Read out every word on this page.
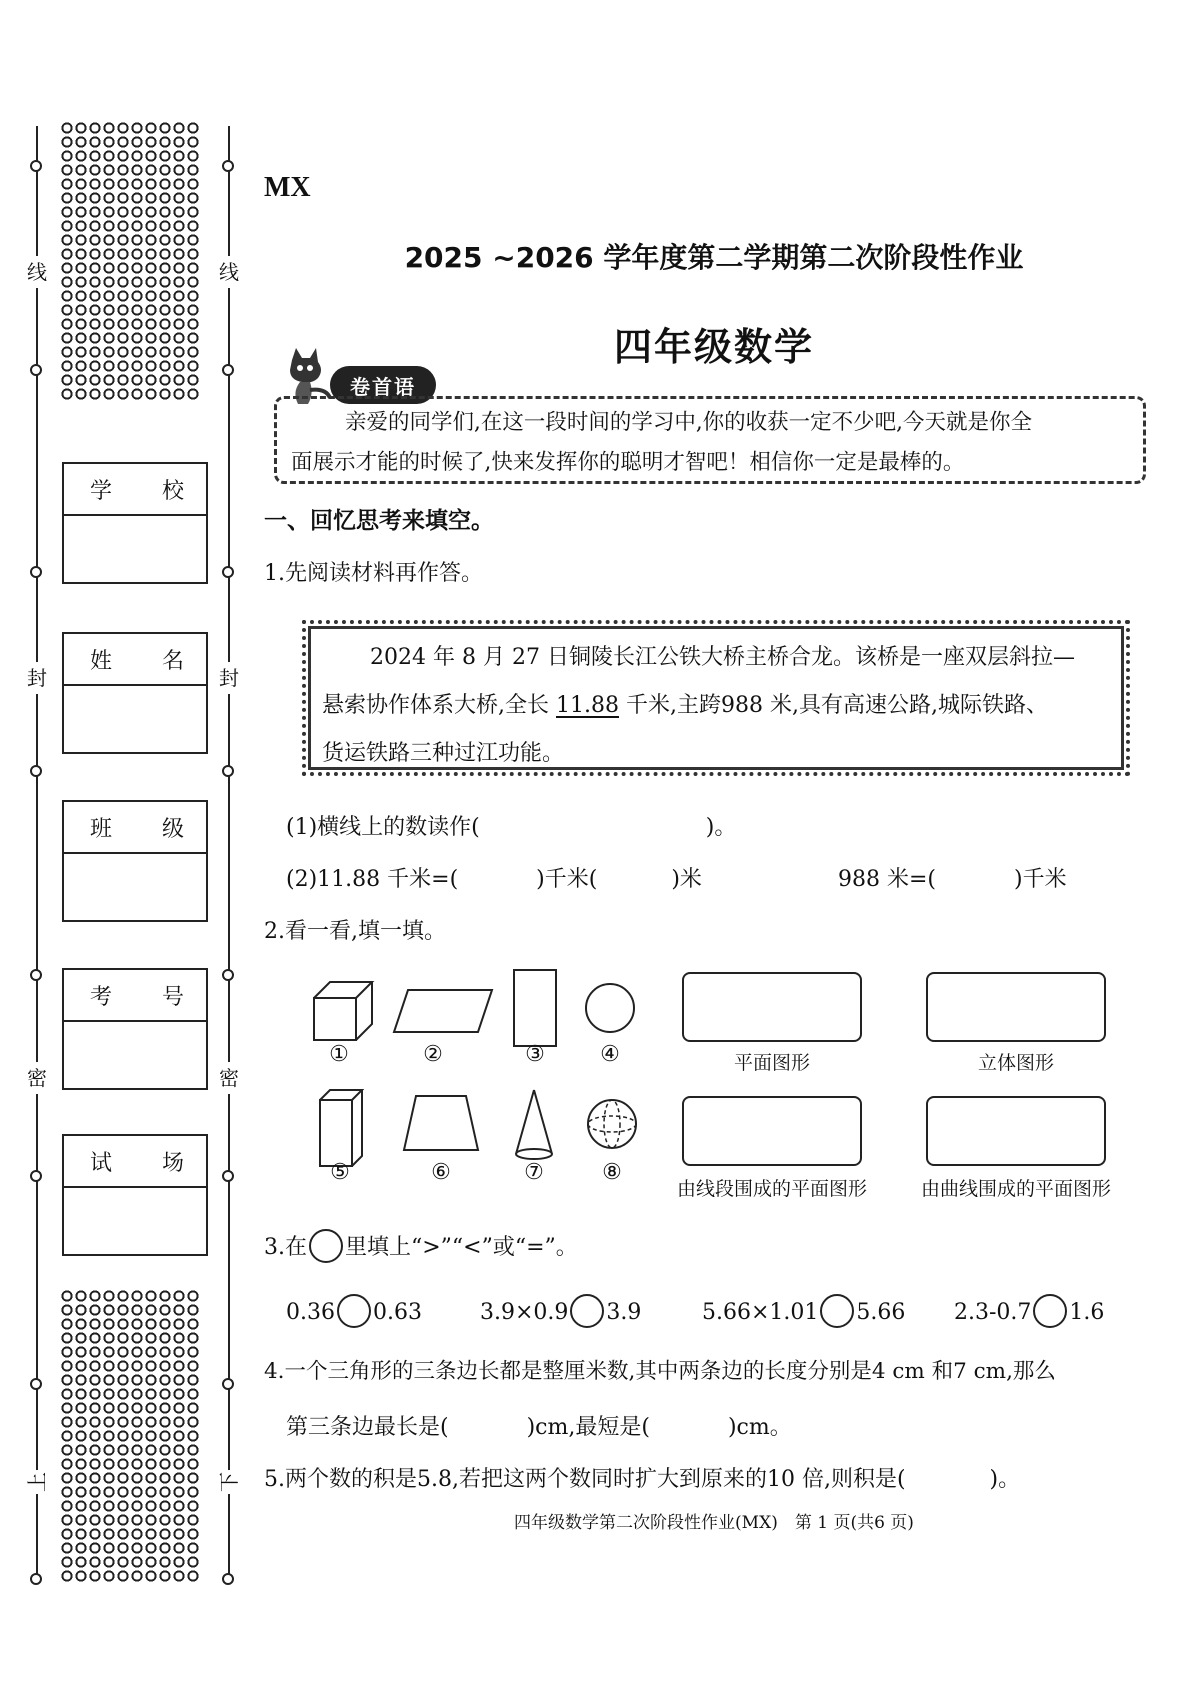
线	线
封	封
密	密
上	下
学 校
姓 名
班 级
考 号
试 场
MX
2025 ~2026 学年度第二学期第二次阶段性作业
四年级数学
卷首语

亲爱的同学们,在这一段时间的学习中,你的收获一定不少吧,今天就是你全

面展示才能的时候了,快来发挥你的聪明才智吧！相信你一定是最棒的。

一、回忆思考来填空。
1.先阅读材料再作答。

2024 年 8 月 27 日铜陵长江公铁大桥主桥合龙。该桥是一座双层斜拉—

悬索协作体系大桥,全长 11.88 千米,主跨988 米,具有高速公路,城际铁路、

货运铁路三种过江功能。

(1)横线上的数读作(	)。
(2)11.88 千米=(	)千米(	)米	988 米=(	)千米
2.看一看,填一填。
①	②	③	④
⑤	⑥	⑦	⑧
平面图形	立体图形
由线段围成的平面图形	由曲线围成的平面图形
3.在 里填上“>”“<”或“=”。
0.36 0.63	3.9×0.9 3.9	5.66×1.01 5.66 2.3-0.7 1.6
4.一个三角形的三条边长都是整厘米数,其中两条边的长度分别是4 cm 和7 cm,那么
第三条边最长是(	)cm,最短是(	)cm。
5.两个数的积是5.8,若把这两个数同时扩大到原来的10 倍,则积是(	)。
四年级数学第二次阶段性作业(MX)　第 1 页(共6 页)
